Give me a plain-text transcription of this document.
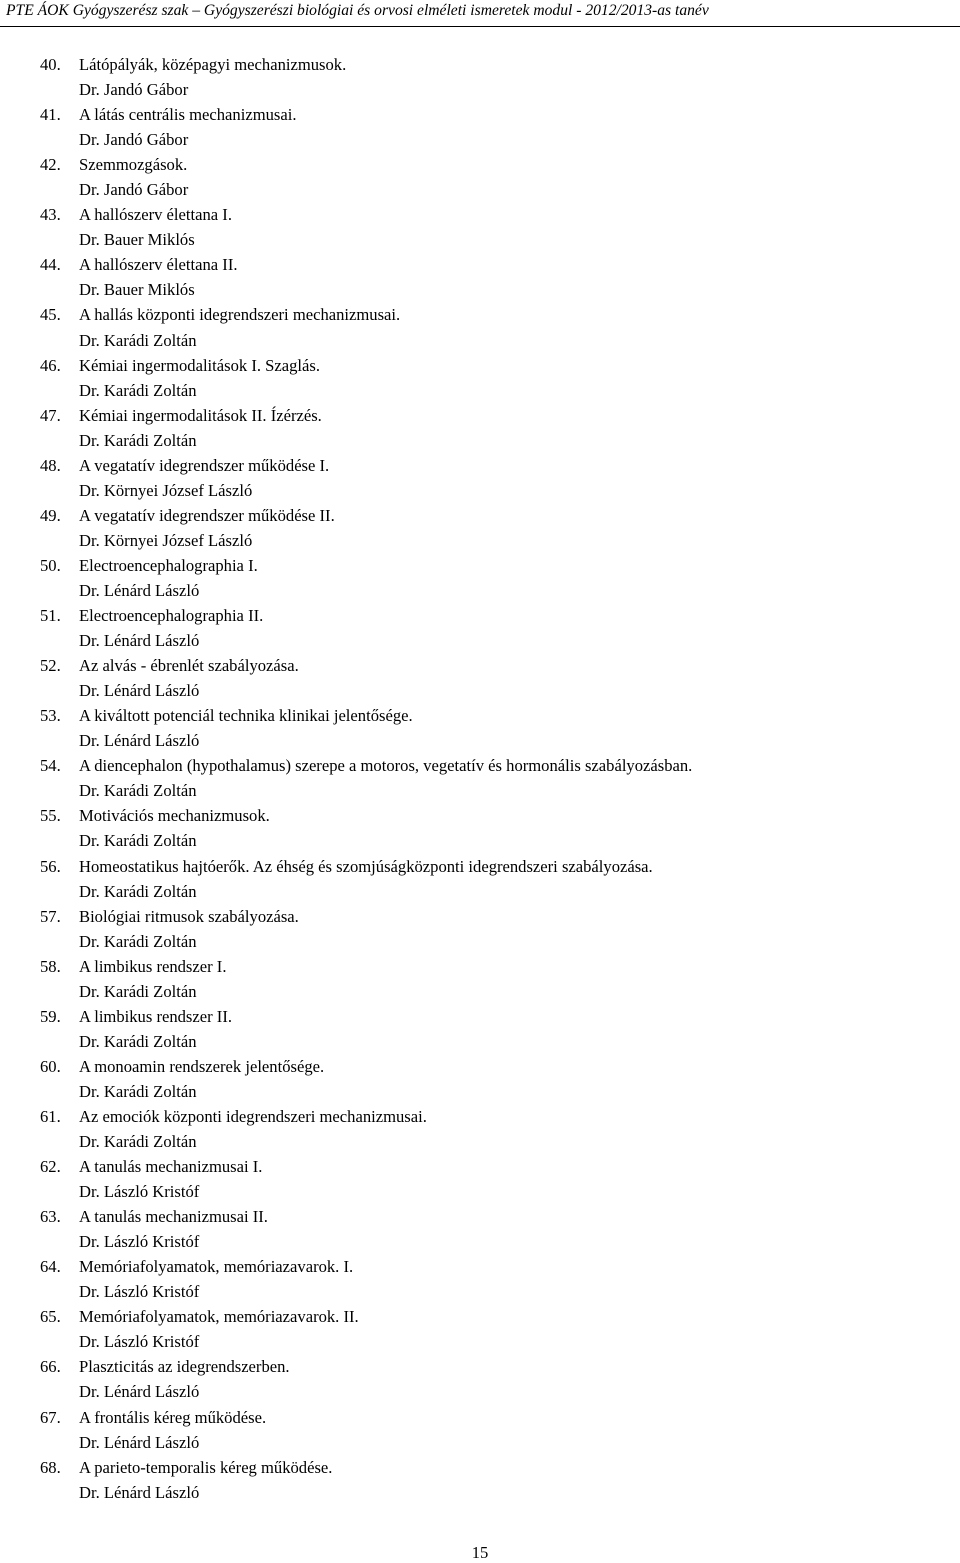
PTE ÁOK Gyógyszerész szak – Gyógyszerészi biológiai és orvosi elméleti ismeretek modul - 2012/2013-as tanév
40. Látópályák, középagyi mechanizmusok.
Dr. Jandó Gábor
41. A látás centrális mechanizmusai.
Dr. Jandó Gábor
42. Szemmozgások.
Dr. Jandó Gábor
43. A hallószerv élettana I.
Dr. Bauer Miklós
44. A hallószerv élettana II.
Dr. Bauer Miklós
45. A hallás központi idegrendszeri mechanizmusai.
Dr. Karádi Zoltán
46. Kémiai ingermodalitások I. Szaglás.
Dr. Karádi Zoltán
47. Kémiai ingermodalitások II. Ízérzés.
Dr. Karádi Zoltán
48. A vegatatív idegrendszer működése I.
Dr. Környei József László
49. A vegatatív idegrendszer működése II.
Dr. Környei József László
50. Electroencephalographia I.
Dr. Lénárd László
51. Electroencephalographia II.
Dr. Lénárd László
52. Az alvás - ébrenlét szabályozása.
Dr. Lénárd László
53. A kiváltott potenciál technika klinikai jelentősége.
Dr. Lénárd László
54. A diencephalon (hypothalamus) szerepe a motoros, vegetatív és hormonális szabályozásban.
Dr. Karádi Zoltán
55. Motivációs mechanizmusok.
Dr. Karádi Zoltán
56. Homeostatikus hajtóerők. Az éhség és szomjúságközponti idegrendszeri szabályozása.
Dr. Karádi Zoltán
57. Biológiai ritmusok szabályozása.
Dr. Karádi Zoltán
58. A limbikus rendszer I.
Dr. Karádi Zoltán
59. A limbikus rendszer II.
Dr. Karádi Zoltán
60. A monoamin rendszerek jelentősége.
Dr. Karádi Zoltán
61. Az emociók központi idegrendszeri mechanizmusai.
Dr. Karádi Zoltán
62. A tanulás mechanizmusai I.
Dr. László Kristóf
63. A tanulás mechanizmusai II.
Dr. László Kristóf
64. Memóriafolyamatok, memóriazavarok. I.
Dr. László Kristóf
65. Memóriafolyamatok, memóriazavarok. II.
Dr. László Kristóf
66. Plaszticitás az idegrendszerben.
Dr. Lénárd László
67. A frontális kéreg működése.
Dr. Lénárd László
68. A parieto-temporalis kéreg működése.
Dr. Lénárd László
15
